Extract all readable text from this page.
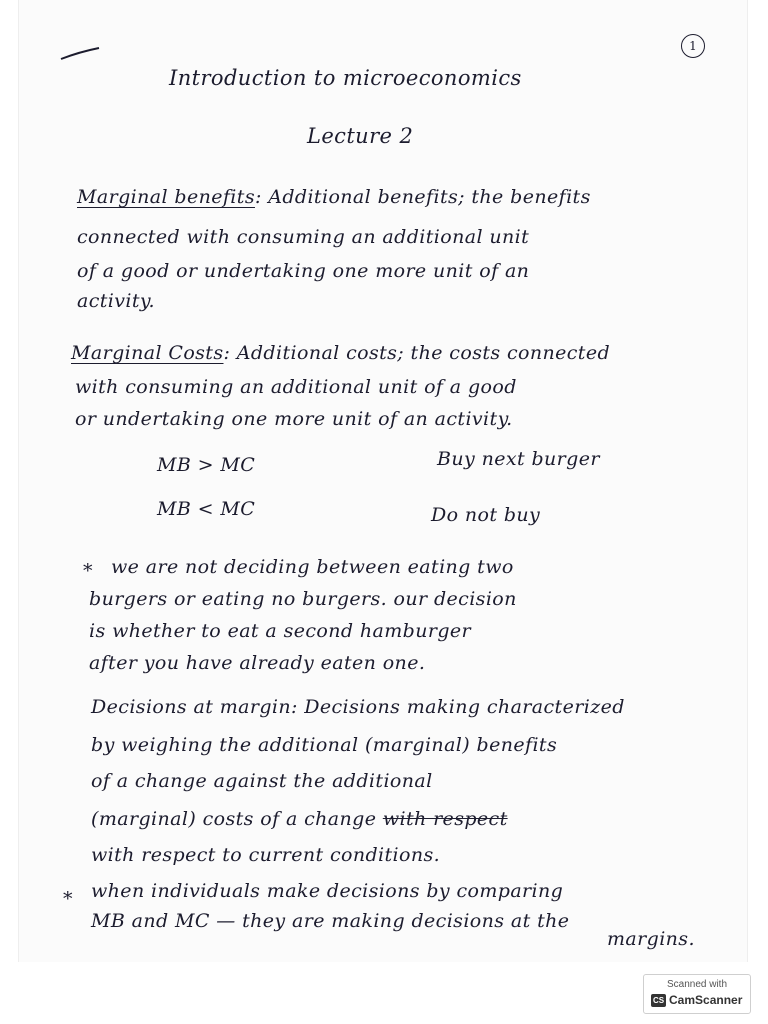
1
Introduction to microeconomics
Lecture 2
Marginal benefits: Additional benefits; the benefits
connected with consuming an additional unit
of a good or undertaking one more unit of an
activity.
Marginal Costs: Additional costs; the costs connected
with consuming an additional unit of a good
or undertaking one more unit of an activity.
MB > MC	Buy next burger
MB < MC	Do not buy
* we are not deciding between eating two
burgers or eating no burgers. our decision
is whether to eat a second hamburger
after you have already eaten one.
Decisions at margin: Decisions making characterized
by weighing the additional (marginal) benefits
of a change against the additional
(marginal) costs of a change with respect
with respect to current conditions.
* when individuals make decisions by comparing
MB and MC — they are making decisions at the
margins.
Scanned with
CS CamScanner
